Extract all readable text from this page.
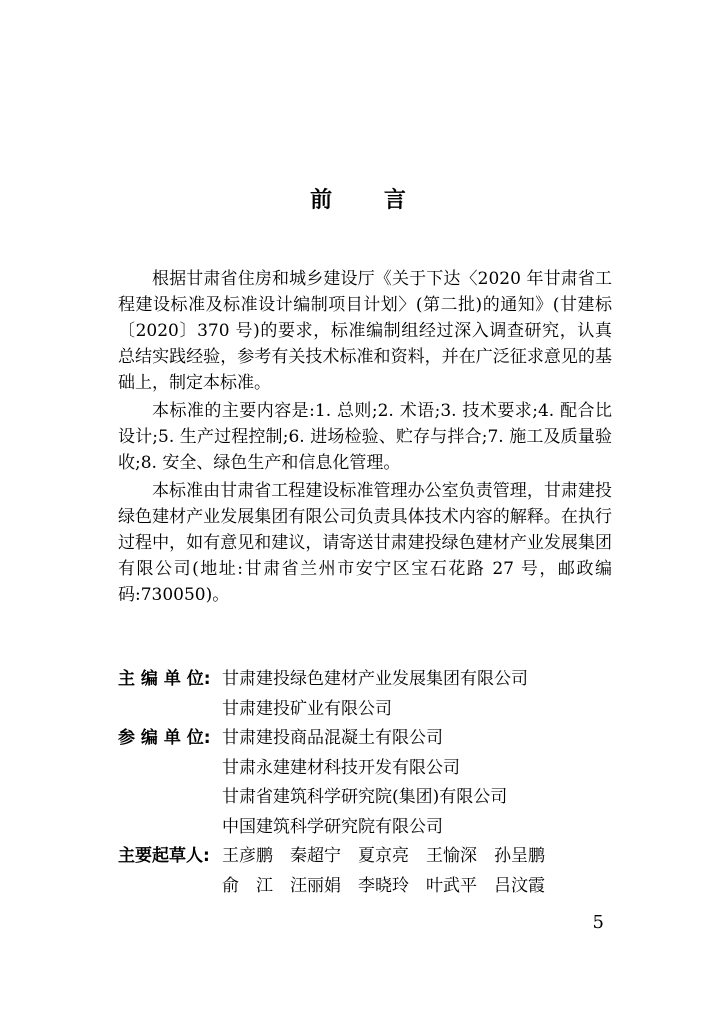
前 言

根据甘肃省住房和城乡建设厅《关于下达〈2020 年甘肃省工程建设标准及标准设计编制项目计划〉(第二批)的通知》(甘建标〔2020〕370 号)的要求，标准编制组经过深入调查研究，认真总结实践经验，参考有关技术标准和资料，并在广泛征求意见的基础上，制定本标准。

本标准的主要内容是:1. 总则;2. 术语;3. 技术要求;4. 配合比设计;5. 生产过程控制;6. 进场检验、贮存与拌合;7. 施工及质量验收;8. 安全、绿色生产和信息化管理。

本标准由甘肃省工程建设标准管理办公室负责管理，甘肃建投绿色建材产业发展集团有限公司负责具体技术内容的解释。在执行过程中，如有意见和建议，请寄送甘肃建投绿色建材产业发展集团有限公司(地址:甘肃省兰州市安宁区宝石花路 27 号，邮政编码:730050)。

主 编 单 位: 甘肃建投绿色建材产业发展集团有限公司
甘肃建投矿业有限公司
参 编 单 位: 甘肃建投商品混凝土有限公司
甘肃永建建材科技开发有限公司
甘肃省建筑科学研究院(集团)有限公司
中国建筑科学研究院有限公司
主要起草人: 王彦鹏	秦超宁	夏京亮	王愉深	孙呈鹏
俞　江	汪丽娟	李晓玲	叶武平	吕汶霞
5
